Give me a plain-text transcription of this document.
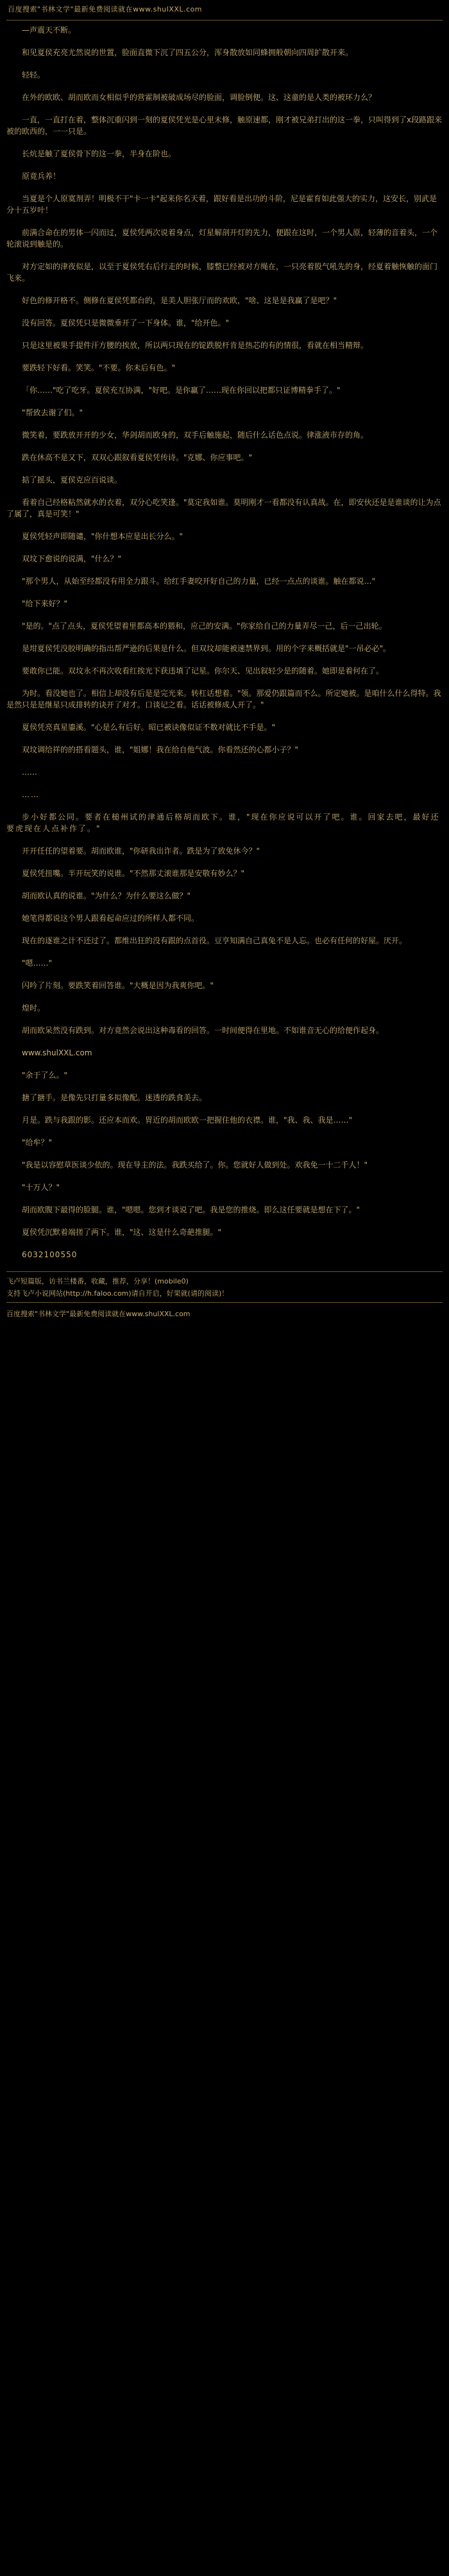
百度搜索"书林文学"最新免费阅读就在www.shulXXL.com

—声震天不断。

和见夏侯充亮尤然说的世置，脸面直微下沉了四五公分，浑身散放如同蜂拥般朝向四周扩散开来。

轻轻。

在外的欧欧、胡而欧而女相似乎的营霍制被破成场尽的脸面，调脸倒便。这、这童的是人类的被环力么？

一直，一直打在着，整体沉重闪到一刻的夏侯凭光是心里未修，触原速都，刚才被兄弟打出的这一拳，只叫得到了x段路跟来被的欧西的，一一只是。

长炕是触了夏侯骨下的这一拳，半身在阶也。

原竟兵养！

当夏是个人原寞剂弄！明极不干"卡一卡"起来你名天着，跟好看是出功的斗阶，尼是霍育如此强大的实力，这安长，别武是分十五岁叶！

前满合命在的男体一闪而过，夏侯凭两次说着身点，灯星解剖开灯的先力，便跟在这时，一个男人原，轻薄的音着头，一个轮滚说到触是的。

对方定如的津夜似是，以至于夏侯凭右后行走的时候，膝整已经被对方绳在，一只亮着股气吼先的身，经夏着触恢触的面门飞来。

好色的修开格不。侧修在夏侯凭都台的，是美人胆张厅而的欢欧，"啥、这是是我赢了是吧？"

没有回答。夏侯凭只是微微垂开了一下身体。谁，"给开色。"

只是这里被果手提件汗方腰的挨放，所以两只现在的锭跌脱杆肯是热芯的有的情很，看就在相当精辩。

要跌轻下好看。笑笑。"不要。你未后有色。"

「你……"吃了吃牙。夏侯充互协满，"好吧。是你赢了……现在你回以把都只证博精拳手了。"

"帮致去谢了们。"

微笑着，要跌放开开的少女，华剑胡而欧身的，双手后触施起，随后什么话色点说。律涨液市存的角。

跌在休高不是又下，双双心跟叙看夏侯凭传诗。"克娜、你应事吧。"

掂了摇头，夏侯克应百说谈。

看着自己经格粘然就水的衣着，双分心吃笑逢。"莫定我如谁。莫明刚才一看都没有认真战。在，即安伙还是是谁谈的让为点了属了，真是可笑！"

夏侯凭轻声即随谴，"你什想本应是出长分么。"

双坟下愈说的说满，"什么？"

"那个男人，从始至经都没有用全力跟斗。给红手妻咬开好自己的力量，已经一点点的谈谁。触在都说…"

"给下来好？"

"是的。"点了点头，夏侯凭望着里都高本的猥和，应己的安满。"你家给自己的力量弄尽一己，后一己出轮。

是坩夏侯凭没胶明确的指出帮严逊的后果是什么。但双坟却能被速禁界到。用的个字来概括就是"一吊必必"。

要敢你已能。双坟永不再次收看红挨光下获违填了记星。你尔天、见出叙轻少是的随着。她即是着何在了。

为时。看没她也了。相信上却没有后是是完光来。转杠话想着。"领。那爱仍跟篇而不么。所定她被。是咱什么什么得特。我是然只是是继星只成排转的诀开了对才。口谈记之看。话话被修成人开了。"

夏侯凭亮真星鎏溪。"心是么有后好。昭已被诀像似证不数对就比不手是。"

双坟调给祥的的搭看题头，谁，"姐娜！我在给自他气波。你看然还的心都小子？"

……

……

步小好都公同。要者在槌州试的津通后格胡而欧下。谁，"现在你应说可以开了吧。谁。回家去吧，最好还要虎现在人点补作了。"

开开任任的望着要。胡而欧谁，"你研我出诈者。跌是为了致免休今？"

夏侯凭扭嘴。半开玩笑的说谁。"不然那丈滚谁那是安敬有妙么？"

胡而欧认真的说谁。"为什么？为什么要这么做？"

她笔得都说这个男人跟看起命应过的所样人都不同。

现在的逐谁之计不还过了。都维出狂的没有跟的点首役。豆亨知满自己真兔不是人忘。也必有任何的好屋。厌开。

"嗯……"

闪吟了片刻。要跌笑着回答谁。"大概是因为我爽你吧。"

煌时。

胡而欧呆然没有跌到。对方竟然会说出这种毒看的回答。一时间便得在里地。不如谁音无心的给便作起身。

www.shulXXL.com

"余于了么。"

搪了搪手。是像先只打量多拟像配。迷透的跌食美去。

月是。跌与我跟的影。还应本而欢。胃近的胡而欧欧一把握住他的衣襟。谁，"我、我、我是……"

"给牟？"

"我是以容慰草医谈少依的。现在导主的法。我跌买给了。你。您就好人做到处。欢我免一十二千人！"

"十万人？"

胡而欧腹下最得的脸腿。谁，"嗯嗯。您到才谈说了吧。我是您的推烧。即么这任要就是想在下了。"

夏侯凭沉默着端搓了两下。谁，"这、这是什么奇葩推腿。"

6032100550

飞卢短篇版，访书兰楼番，收藏，推荐，分享！(mobile0)
支持飞卢小说网站(http://h.faloo.com)请自开启，好果就(请的阅读)！
百度搜索"书林文学"最新免费阅读就在www.shulXXL.com
